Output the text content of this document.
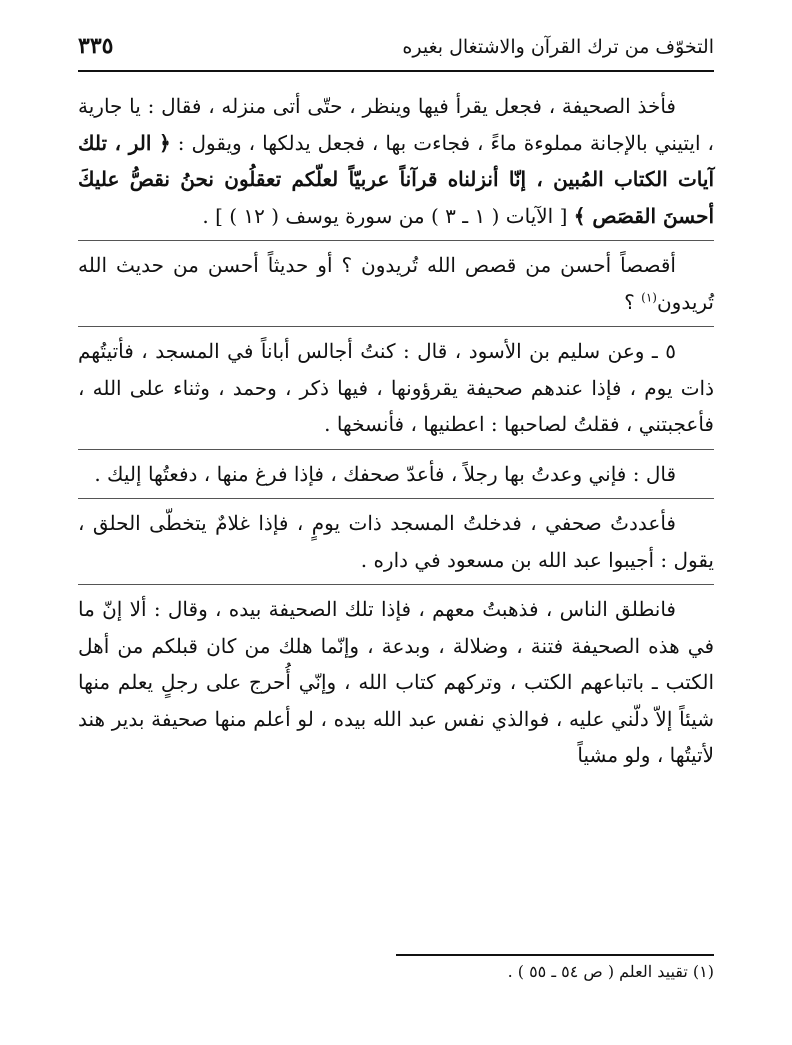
التخوّف من ترك القرآن والاشتغال بغيره
٣٣٥

فأخذ الصحيفة ، فجعل يقرأ فيها وينظر ، حتّى أتى منزله ، فقال : يا جارية ، ايتيني بالإجانة مملوءة ماءً ، فجاءت بها ، فجعل يدلكها ، ويقول : ﴿ الر ، تلك آيات الكتاب المُبين ، إنّا أنزلناه قرآناً عربيّاً لعلّكم تعقلُون نحنُ نقصُّ عليكَ أحسنَ القصَص ﴾ [ الآيات ( ١ ـ ٣ ) من سورة يوسف ( ١٢ ) ] .

أقصصاً أحسن من قصص الله تُريدون ؟ أو حديثاً أحسن من حديث الله تُريدون$^{(١)}$ ؟

٥ ـ وعن سليم بن الأسود ، قال : كنتُ أجالس أباناً في المسجد ، فأتيتُهم ذات يوم ، فإذا عندهم صحيفة يقرؤونها ، فيها ذكر ، وحمد ، وثناء على الله ، فأعجبتني ، فقلتُ لصاحبها : اعطنيها ، فأنسخها .

قال : فإني وعدتُ بها رجلاً ، فأعدّ صحفك ، فإذا فرغ منها ، دفعتُها إليك .

فأعددتُ صحفي ، فدخلتُ المسجد ذات يومٍ ، فإذا غلامٌ يتخطّى الحلق ، يقول : أجيبوا عبد الله بن مسعود في داره .

فانطلق الناس ، فذهبتُ معهم ، فإذا تلك الصحيفة بيده ، وقال : ألا إنّ ما في هذه الصحيفة فتنة ، وضلالة ، وبدعة ، وإنّما هلك من كان قبلكم من أهل الكتب ـ باتباعهم الكتب ، وتركهم كتاب الله ، وإنّي أُحرج على رجلٍ يعلم منها شيئاً إلاّ دلّني عليه ، فوالذي نفس عبد الله بيده ، لو أعلم منها صحيفة بدير هند لأتيتُها ، ولو مشياً

(١) تقييد العلم ( ص ٥٤ ـ ٥٥ ) .
